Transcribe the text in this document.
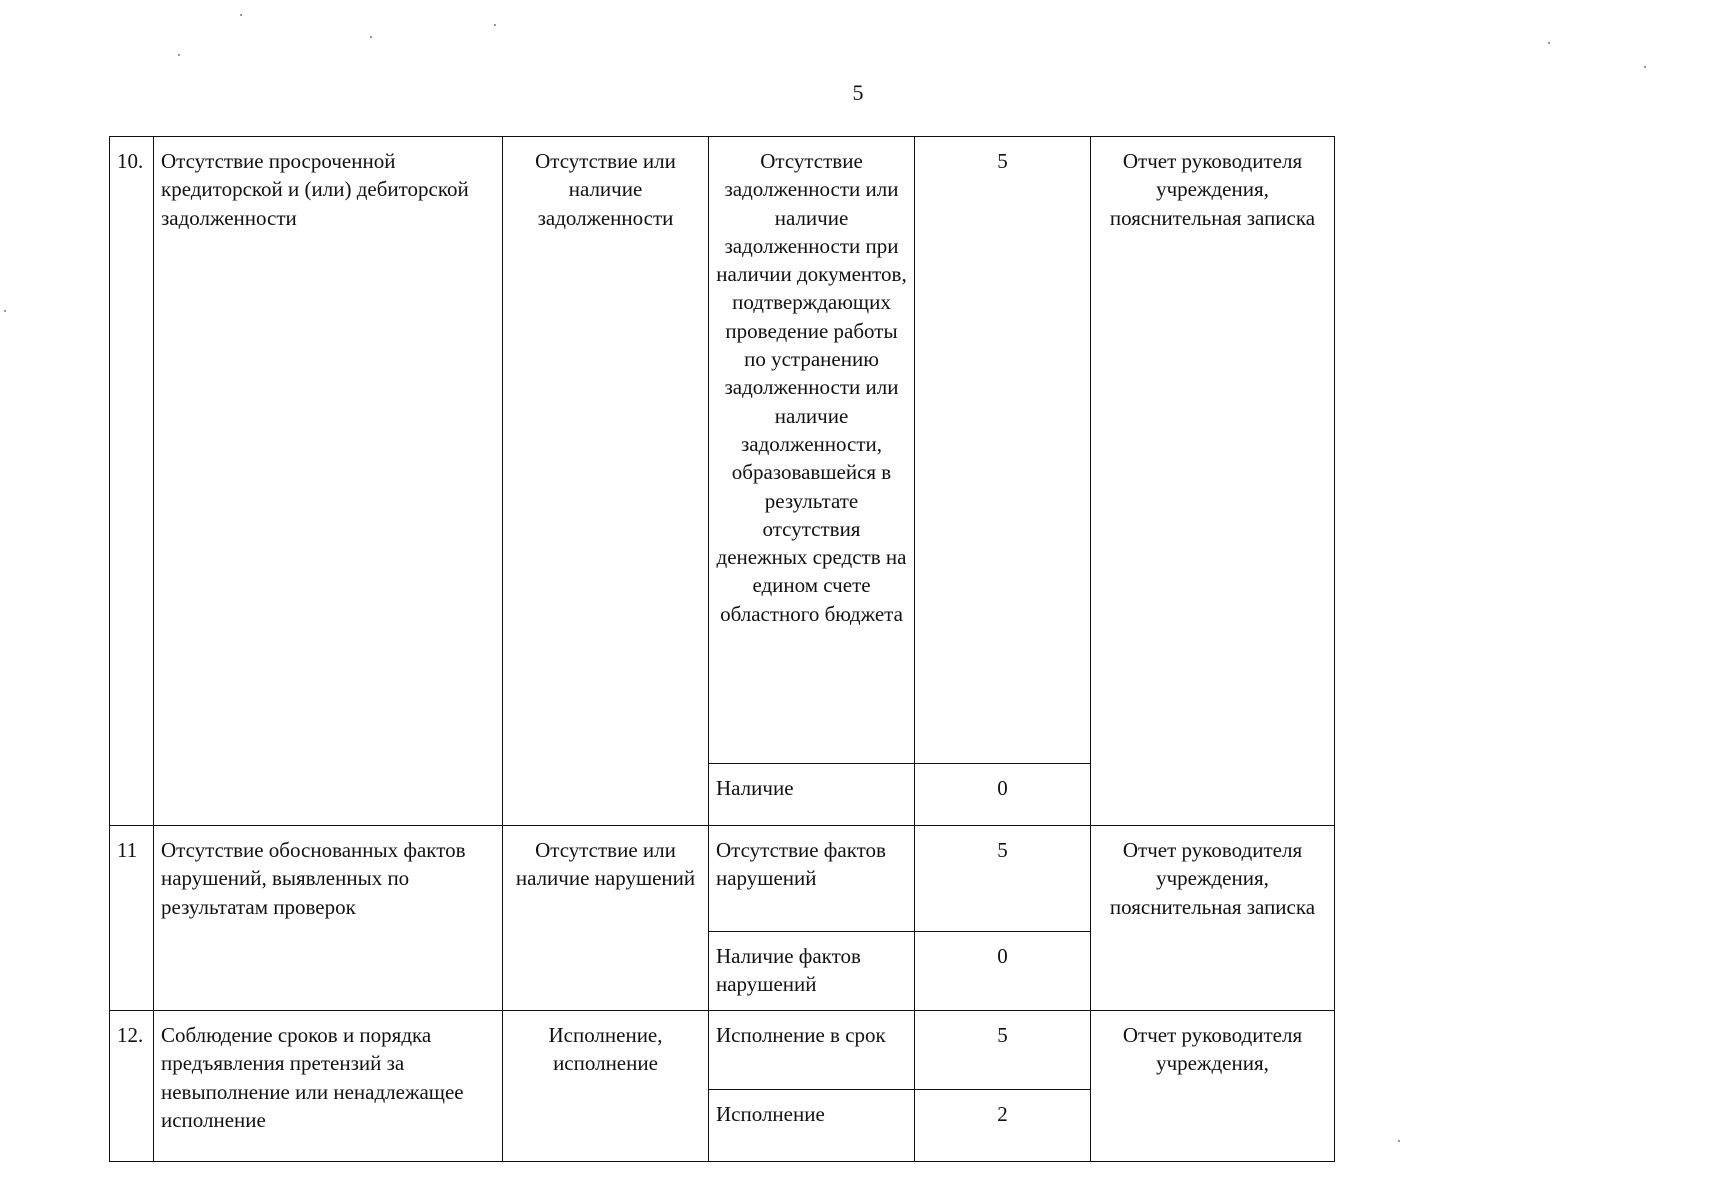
5
10.	Отсутствие просроченной кредиторской и (или) дебиторской задолженности	Отсутствие или наличие задолженности	Отсутствие задолженности или наличие задолженности при наличии документов, подтверждающих проведение работы по устранению задолженности или наличие задолженности, образовавшейся в результате отсутствия денежных средств на едином счете областного бюджета	5	Отчет руководителя учреждения, пояснительная записка
			Наличие	0	
11	Отсутствие обоснованных фактов нарушений, выявленных по результатам проверок	Отсутствие или наличие нарушений	Отсутствие фактов нарушений	5	Отчет руководителя учреждения, пояснительная записка
			Наличие фактов нарушений	0	
12.	Соблюдение сроков и порядка предъявления претензий за невыполнение или ненадлежащее исполнение	Исполнение, исполнение	Исполнение в срок	5	Отчет руководителя учреждения,
			Исполнение	2	
